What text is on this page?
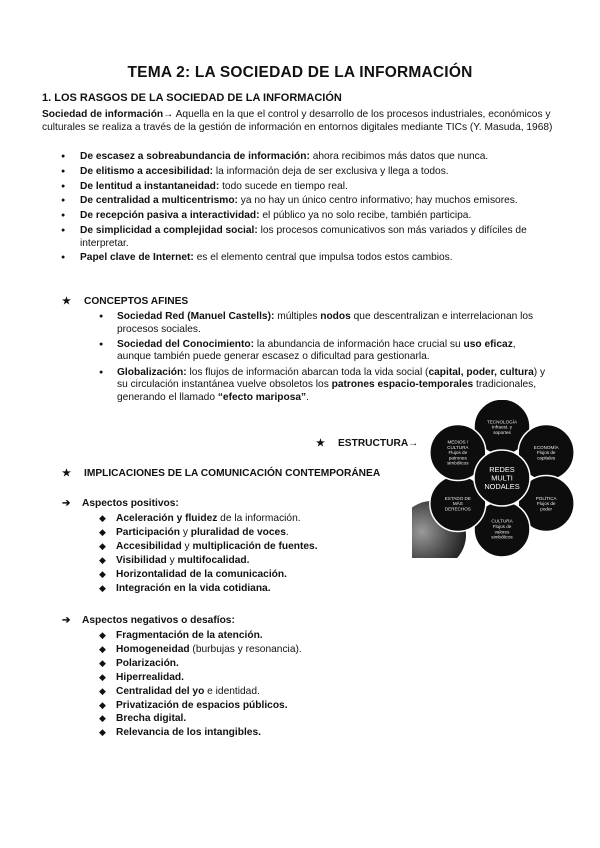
TEMA 2: LA SOCIEDAD DE LA INFORMACIÓN
1. LOS RASGOS DE LA SOCIEDAD DE LA INFORMACIÓN
Sociedad de información→ Aquella en la que el control y desarrollo de los procesos industriales, económicos y culturales se realiza a través de la gestión de información en entornos digitales mediante TICs (Y. Masuda, 1968)
● De escasez a sobreabundancia de información: ahora recibimos más datos que nunca.
● De elitismo a accesibilidad: la información deja de ser exclusiva y llega a todos.
● De lentitud a instantaneidad: todo sucede en tiempo real.
● De centralidad a multicentrismo: ya no hay un único centro informativo; hay muchos emisores.
● De recepción pasiva a interactividad: el público ya no solo recibe, también participa.
● De simplicidad a complejidad social: los procesos comunicativos son más variados y difíciles de interpretar.
● Papel clave de Internet: es el elemento central que impulsa todos estos cambios.
★ CONCEPTOS AFINES
● Sociedad Red (Manuel Castells): múltiples nodos que descentralizan e interrelacionan los procesos sociales.
● Sociedad del Conocimiento: la abundancia de información hace crucial su uso eficaz, aunque también puede generar escasez o dificultad para gestionarla.
● Globalización: los flujos de información abarcan toda la vida social (capital, poder, cultura) y su circulación instantánea vuelve obsoletos los patrones espacio-temporales tradicionales, generando el llamado “efecto mariposa”.
★ ESTRUCTURA→
★ IMPLICACIONES DE LA COMUNICACIÓN CONTEMPORÁNEA
➔ Aspectos positivos:
◆ Aceleración y fluidez de la información.
◆ Participación y pluralidad de voces.
◆ Accesibilidad y multiplicación de fuentes.
◆ Visibilidad y multifocalidad.
◆ Horizontalidad de la comunicación.
◆ Integración en la vida cotidiana.
➔ Aspectos negativos o desafíos:
◆ Fragmentación de la atención.
◆ Homogeneidad (burbujas y resonancia).
◆ Polarización.
◆ Hiperrealidad.
◆ Centralidad del yo e identidad.
◆ Privatización de espacios públicos.
◆ Brecha digital.
◆ Relevancia de los intangibles.
TECNOLOGÍA Infraest. y soportes
ECONOMÍA Flujos de capitales
POLÍTICA Flujos de poder
CULTURA Flujos de valores simbólicos
ESTADO DE MÁS DERECHOS
MEDIOS / CULTURA Flujos de patrones simbólicos
REDES MULTI NODALES
